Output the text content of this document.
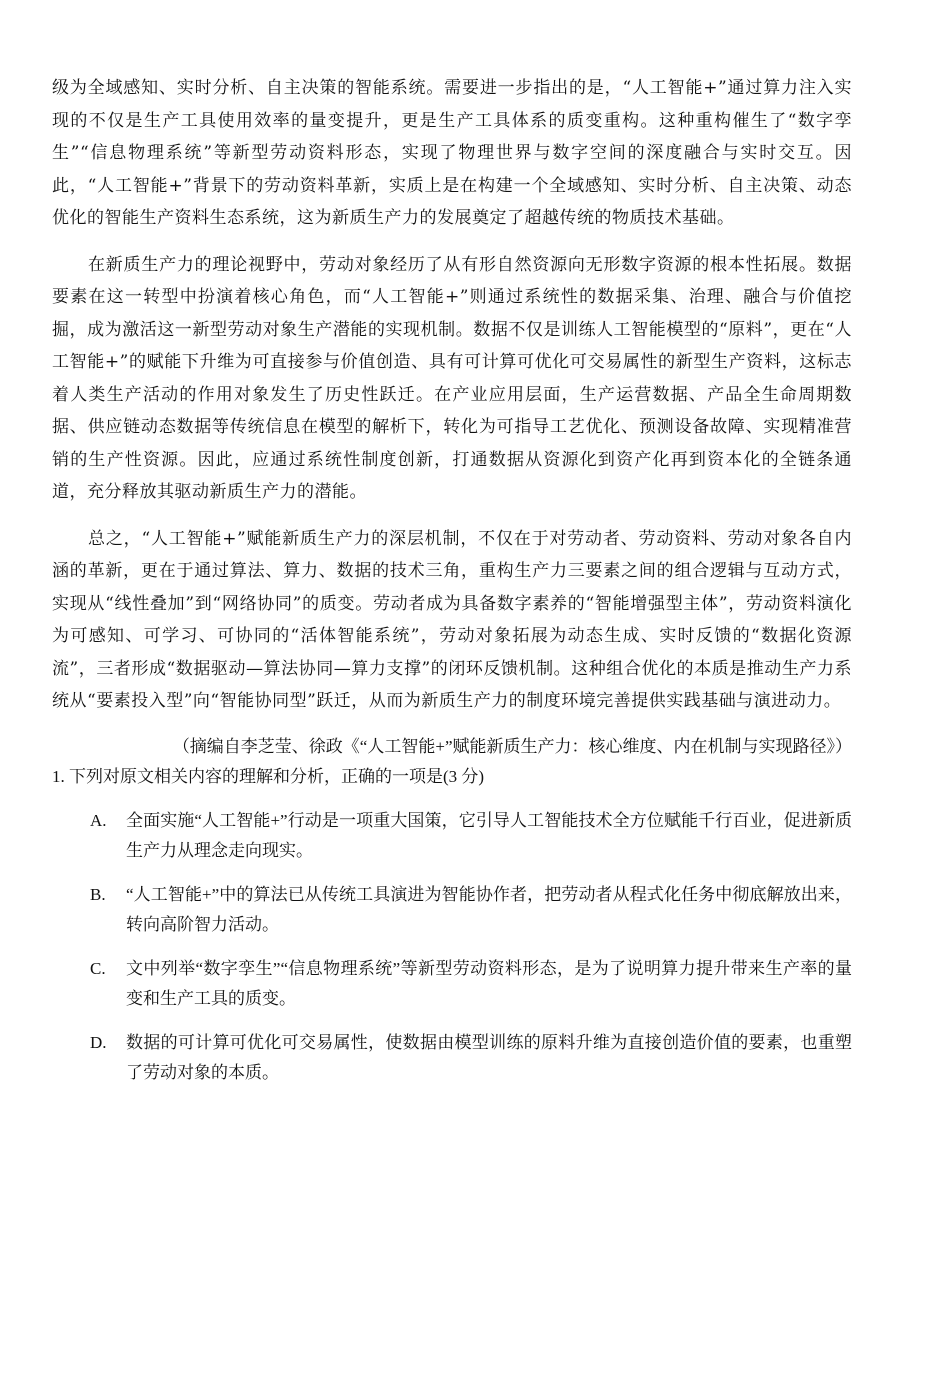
级为全域感知、实时分析、自主决策的智能系统。需要进一步指出的是，“人工智能+”通过算力注入实现的不仅是生产工具使用效率的量变提升，更是生产工具体系的质变重构。这种重构催生了“数字孪生”“信息物理系统”等新型劳动资料形态，实现了物理世界与数字空间的深度融合与实时交互。因此，“人工智能+”背景下的劳动资料革新，实质上是在构建一个全域感知、实时分析、自主决策、动态优化的智能生产资料生态系统，这为新质生产力的发展奠定了超越传统的物质技术基础。

在新质生产力的理论视野中，劳动对象经历了从有形自然资源向无形数字资源的根本性拓展。数据要素在这一转型中扮演着核心角色，而“人工智能+”则通过系统性的数据采集、治理、融合与价值挖掘，成为激活这一新型劳动对象生产潜能的实现机制。数据不仅是训练人工智能模型的“原料”，更在“人工智能+”的赋能下升维为可直接参与价值创造、具有可计算可优化可交易属性的新型生产资料，这标志着人类生产活动的作用对象发生了历史性跃迁。在产业应用层面，生产运营数据、产品全生命周期数据、供应链动态数据等传统信息在模型的解析下，转化为可指导工艺优化、预测设备故障、实现精准营销的生产性资源。因此，应通过系统性制度创新，打通数据从资源化到资产化再到资本化的全链条通道，充分释放其驱动新质生产力的潜能。

总之，“人工智能+”赋能新质生产力的深层机制，不仅在于对劳动者、劳动资料、劳动对象各自内涵的革新，更在于通过算法、算力、数据的技术三角，重构生产力三要素之间的组合逻辑与互动方式，实现从“线性叠加”到“网络协同”的质变。劳动者成为具备数字素养的“智能增强型主体”，劳动资料演化为可感知、可学习、可协同的“活体智能系统”，劳动对象拓展为动态生成、实时反馈的“数据化资源流”，三者形成“数据驱动—算法协同—算力支撑”的闭环反馈机制。这种组合优化的本质是推动生产力系统从“要素投入型”向“智能协同型”跃迁，从而为新质生产力的制度环境完善提供实践基础与演进动力。

（摘编自李芝莹、徐政《“人工智能+”赋能新质生产力：核心维度、内在机制与实现路径》）

1. 下列对原文相关内容的理解和分析，正确的一项是(3 分)

A.	全面实施“人工智能+”行动是一项重大国策，它引导人工智能技术全方位赋能千行百业，促进新质生产力从理念走向现实。
B.	“人工智能+”中的算法已从传统工具演进为智能协作者，把劳动者从程式化任务中彻底解放出来，转向高阶智力活动。
C.	文中列举“数字孪生”“信息物理系统”等新型劳动资料形态，是为了说明算力提升带来生产率的量变和生产工具的质变。
D.	数据的可计算可优化可交易属性，使数据由模型训练的原料升维为直接创造价值的要素，也重塑了劳动对象的本质。
